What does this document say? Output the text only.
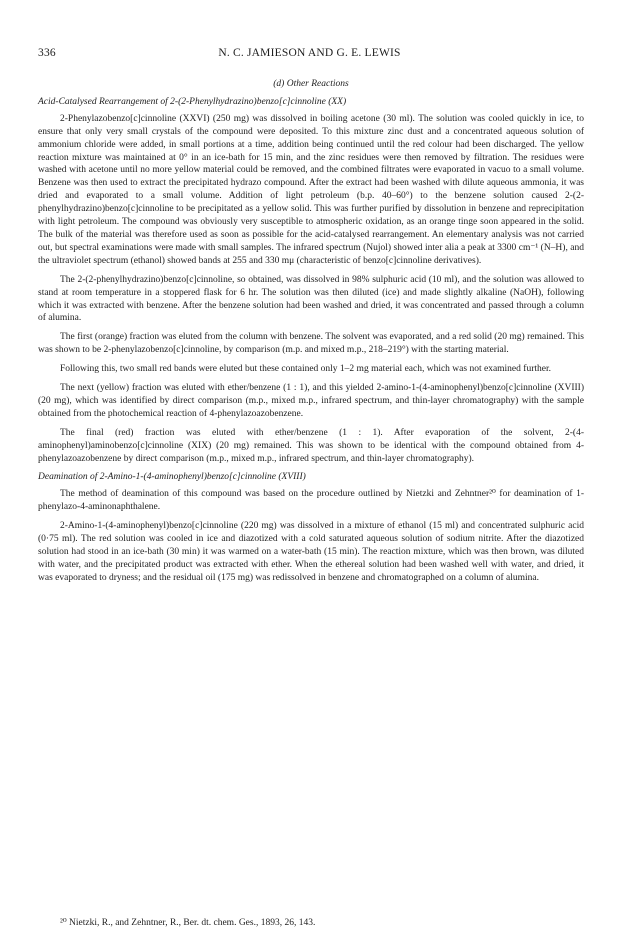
336	N. C. JAMIESON AND G. E. LEWIS

(d) Other Reactions

Acid-Catalysed Rearrangement of 2-(2-Phenylhydrazino)benzo[c]cinnoline (XX)

2-Phenylazobenzo[c]cinnoline (XXVI) (250 mg) was dissolved in boiling acetone (30 ml). The solution was cooled quickly in ice, to ensure that only very small crystals of the compound were deposited. To this mixture zinc dust and a concentrated aqueous solution of ammonium chloride were added, in small portions at a time, addition being continued until the red colour had been discharged. The yellow reaction mixture was maintained at 0° in an ice-bath for 15 min, and the zinc residues were then removed by filtration. The residues were washed with acetone until no more yellow material could be removed, and the combined filtrates were evaporated in vacuo to a small volume. Benzene was then used to extract the precipitated hydrazo compound. After the extract had been washed with dilute aqueous ammonia, it was dried and evaporated to a small volume. Addition of light petroleum (b.p. 40–60°) to the benzene solution caused 2-(2-phenylhydrazino)benzo[c]cinnoline to be precipitated as a yellow solid. This was further purified by dissolution in benzene and reprecipitation with light petroleum. The compound was obviously very susceptible to atmospheric oxidation, as an orange tinge soon appeared in the solid. The bulk of the material was therefore used as soon as possible for the acid-catalysed rearrangement. An elementary analysis was not carried out, but spectral examinations were made with small samples. The infrared spectrum (Nujol) showed inter alia a peak at 3300 cm⁻¹ (N–H), and the ultraviolet spectrum (ethanol) showed bands at 255 and 330 mμ (characteristic of benzo[c]cinnoline derivatives).

The 2-(2-phenylhydrazino)benzo[c]cinnoline, so obtained, was dissolved in 98% sulphuric acid (10 ml), and the solution was allowed to stand at room temperature in a stoppered flask for 6 hr. The solution was then diluted (ice) and made slightly alkaline (NaOH), following which it was extracted with benzene. After the benzene solution had been washed and dried, it was concentrated and passed through a column of alumina.

The first (orange) fraction was eluted from the column with benzene. The solvent was evaporated, and a red solid (20 mg) remained. This was shown to be 2-phenylazobenzo[c]cinnoline, by comparison (m.p. and mixed m.p., 218–219°) with the starting material.

Following this, two small red bands were eluted but these contained only 1–2 mg material each, which was not examined further.

The next (yellow) fraction was eluted with ether/benzene (1 : 1), and this yielded 2-amino-1-(4-aminophenyl)benzo[c]cinnoline (XVIII) (20 mg), which was identified by direct comparison (m.p., mixed m.p., infrared spectrum, and thin-layer chromatography) with the sample obtained from the photochemical reaction of 4-phenylazoazobenzene.

The final (red) fraction was eluted with ether/benzene (1 : 1). After evaporation of the solvent, 2-(4-aminophenyl)aminobenzo[c]cinnoline (XIX) (20 mg) remained. This was shown to be identical with the compound obtained from 4-phenylazoazobenzene by direct comparison (m.p., mixed m.p., infrared spectrum, and thin-layer chromatography).

Deamination of 2-Amino-1-(4-aminophenyl)benzo[c]cinnoline (XVIII)

The method of deamination of this compound was based on the procedure outlined by Nietzki and Zehntner²⁰ for deamination of 1-phenylazo-4-aminonaphthalene.

2-Amino-1-(4-aminophenyl)benzo[c]cinnoline (220 mg) was dissolved in a mixture of ethanol (15 ml) and concentrated sulphuric acid (0·75 ml). The red solution was cooled in ice and diazotized with a cold saturated aqueous solution of sodium nitrite. After the diazotized solution had stood in an ice-bath (30 min) it was warmed on a water-bath (15 min). The reaction mixture, which was then brown, was diluted with water, and the precipitated product was extracted with ether. When the ethereal solution had been washed well with water, and dried, it was evaporated to dryness; and the residual oil (175 mg) was redissolved in benzene and chromatographed on a column of alumina.

²⁰ Nietzki, R., and Zehntner, R., Ber. dt. chem. Ges., 1893, 26, 143.
